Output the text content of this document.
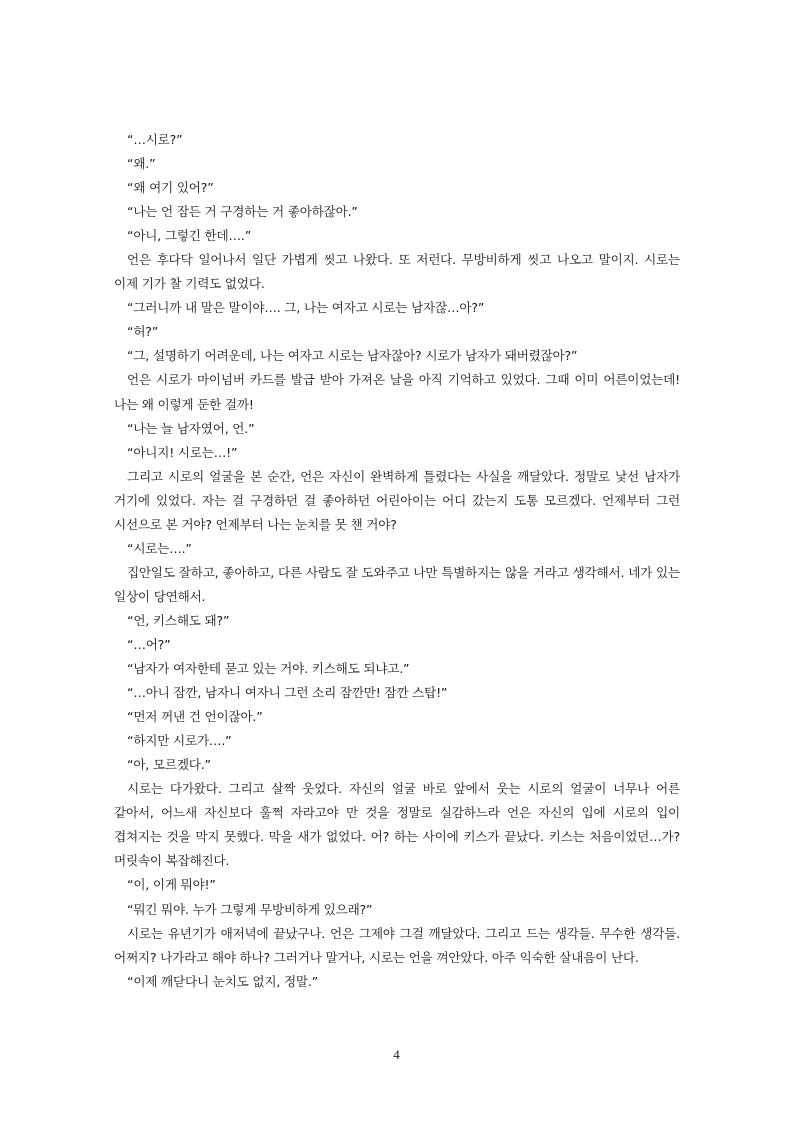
“…시로?”

“왜.”

“왜 여기 있어?”

“나는 언 잠든 거 구경하는 거 좋아하잖아.”

“아니, 그렇긴 한데….”

언은 후다닥 일어나서 일단 가볍게 씻고 나왔다. 또 저런다. 무방비하게 씻고 나오고 말이지. 시로는 이제 기가 찰 기력도 없었다.

“그러니까 내 말은 말이야…. 그, 나는 여자고 시로는 남자잖…아?”

“허?”

“그, 설명하기 어려운데, 나는 여자고 시로는 남자잖아? 시로가 남자가 돼버렸잖아?”

언은 시로가 마이넘버 카드를 발급 받아 가져온 날을 아직 기억하고 있었다. 그때 이미 어른이었는데! 나는 왜 이렇게 둔한 걸까!

“나는 늘 남자였어, 언.”

“아니지! 시로는…!”

그리고 시로의 얼굴을 본 순간, 언은 자신이 완벽하게 틀렸다는 사실을 깨달았다. 정말로 낯선 남자가 거기에 있었다. 자는 걸 구경하던 걸 좋아하던 어린아이는 어디 갔는지 도통 모르겠다. 언제부터 그런 시선으로 본 거야? 언제부터 나는 눈치를 못 챈 거야?

“시로는….”

집안일도 잘하고, 좋아하고, 다른 사람도 잘 도와주고 나만 특별하지는 않을 거라고 생각해서. 네가 있는 일상이 당연해서.

“언, 키스해도 돼?”

“…어?”

“남자가 여자한테 묻고 있는 거야. 키스해도 되냐고.”

“…아니 잠깐, 남자니 여자니 그런 소리 잠깐만! 잠깐 스탑!”

“먼저 꺼낸 건 언이잖아.”

“하지만 시로가….”

“아, 모르겠다.”

시로는 다가왔다. 그리고 살짝 웃었다. 자신의 얼굴 바로 앞에서 웃는 시로의 얼굴이 너무나 어른 같아서, 어느새 자신보다 훌쩍 자라고야 만 것을 정말로 실감하느라 언은 자신의 입에 시로의 입이 겹쳐지는 것을 막지 못했다. 막을 새가 없었다. 어? 하는 사이에 키스가 끝났다. 키스는 처음이었던…가? 머릿속이 복잡해진다.

“이, 이게 뭐야!”

“뭐긴 뭐야. 누가 그렇게 무방비하게 있으래?”

시로는 유년기가 애저녁에 끝났구나. 언은 그제야 그걸 깨달았다. 그리고 드는 생각들. 무수한 생각들. 어쩌지? 나가라고 해야 하나? 그러거나 말거나, 시로는 언을 껴안았다. 아주 익숙한 살내음이 난다.

“이제 깨닫다니 눈치도 없지, 정말.”

4
